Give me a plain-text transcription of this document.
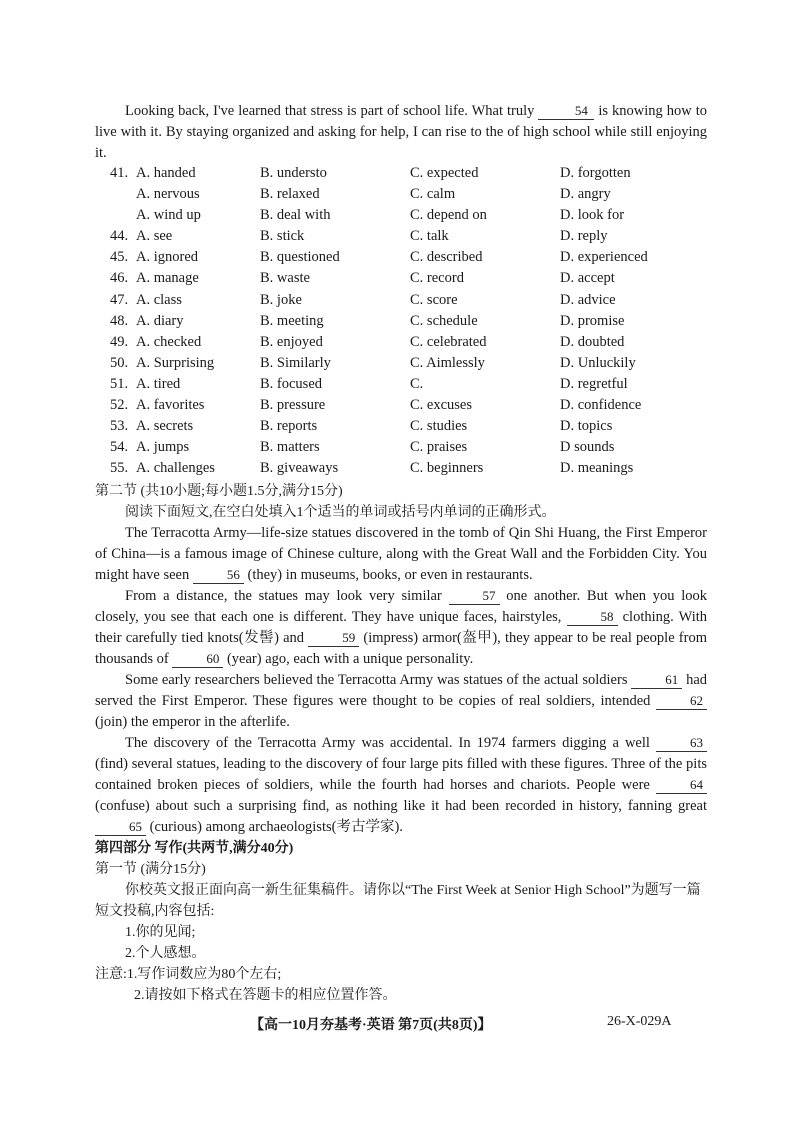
Looking back, I've learned that stress is part of school life. What truly	54 is knowing how to live with it. By staying organized and asking for help, I can rise to the of high school while still enjoying it.
41. A. handed	B. understo	C. expected	D. forgotten
A. nervous	B. relaxed	C. calm	D. angry
A. wind up	B. deal with	C. depend on	D. look for
44. A. see	B. stick	C. talk	D. reply
45. A. ignored	B. questioned	C. described	D. experienced
46. A. manage	B. waste	C. record	D. accept
47. A. class	B. joke	C. score	D. advice
48. A. diary	B. meeting	C. schedule	D. promise
49. A. checked	B. enjoyed	C. celebrated	D. doubted
50. A. Surprising	B. Similarly	C. Aimlessly	D. Unluckily
51. A. tired	B. focused	C.	D. regretful
52. A. favorites	B. pressure	C. excuses	D. confidence
53. A. secrets	B. reports	C. studies	D. topics
54. A. jumps	B. matters	C. praises	D sounds
55. A. challenges	B. giveaways	C. beginners	D. meanings
第二节 (共10小题;每小题1.5分,满分15分)
阅读下面短文,在空白处填入1个适当的单词或括号内单词的正确形式。
The Terracotta Army—life-size statues discovered in the tomb of Qin Shi Huang, the First Emperor of China—is a famous image of Chinese culture, along with the Great Wall and the Forbidden City. You might have seen	56 (they) in museums, books, or even in restaurants.
From a distance, the statues may look very similar	57 one another. But when you look closely, you see that each one is different. They have unique faces, hairstyles,	58 clothing. With their carefully tied knots(发髻) and	59 (impress) armor(盔甲), they appear to be real people from thousands of	60 (year) ago, each with a unique personality.
Some early researchers believed the Terracotta Army was statues of the actual soldiers	61 had served the First Emperor. These figures were thought to be copies of real soldiers, intended	62 (join) the emperor in the afterlife.
The discovery of the Terracotta Army was accidental. In 1974 farmers digging a well	63 (find) several statues, leading to the discovery of four large pits filled with these figures. Three of the pits contained broken pieces of soldiers, while the fourth had horses and chariots. People were	64 (confuse) about such a surprising find, as nothing like it had been recorded in history, fanning great 65 (curious) among archaeologists(考古学家).
第四部分 写作(共两节,满分40分)
第一节 (满分15分)
你校英文报正面向高一新生征集稿件。请你以“The First Week at Senior High School”为题写一篇短文投稿,内容包括:
1.你的见闻;
2.个人感想。
注意:1.写作词数应为80个左右;
2.请按如下格式在答题卡的相应位置作答。
【高一10月夯基考·英语 第7页(共8页)】	26-X-029A
